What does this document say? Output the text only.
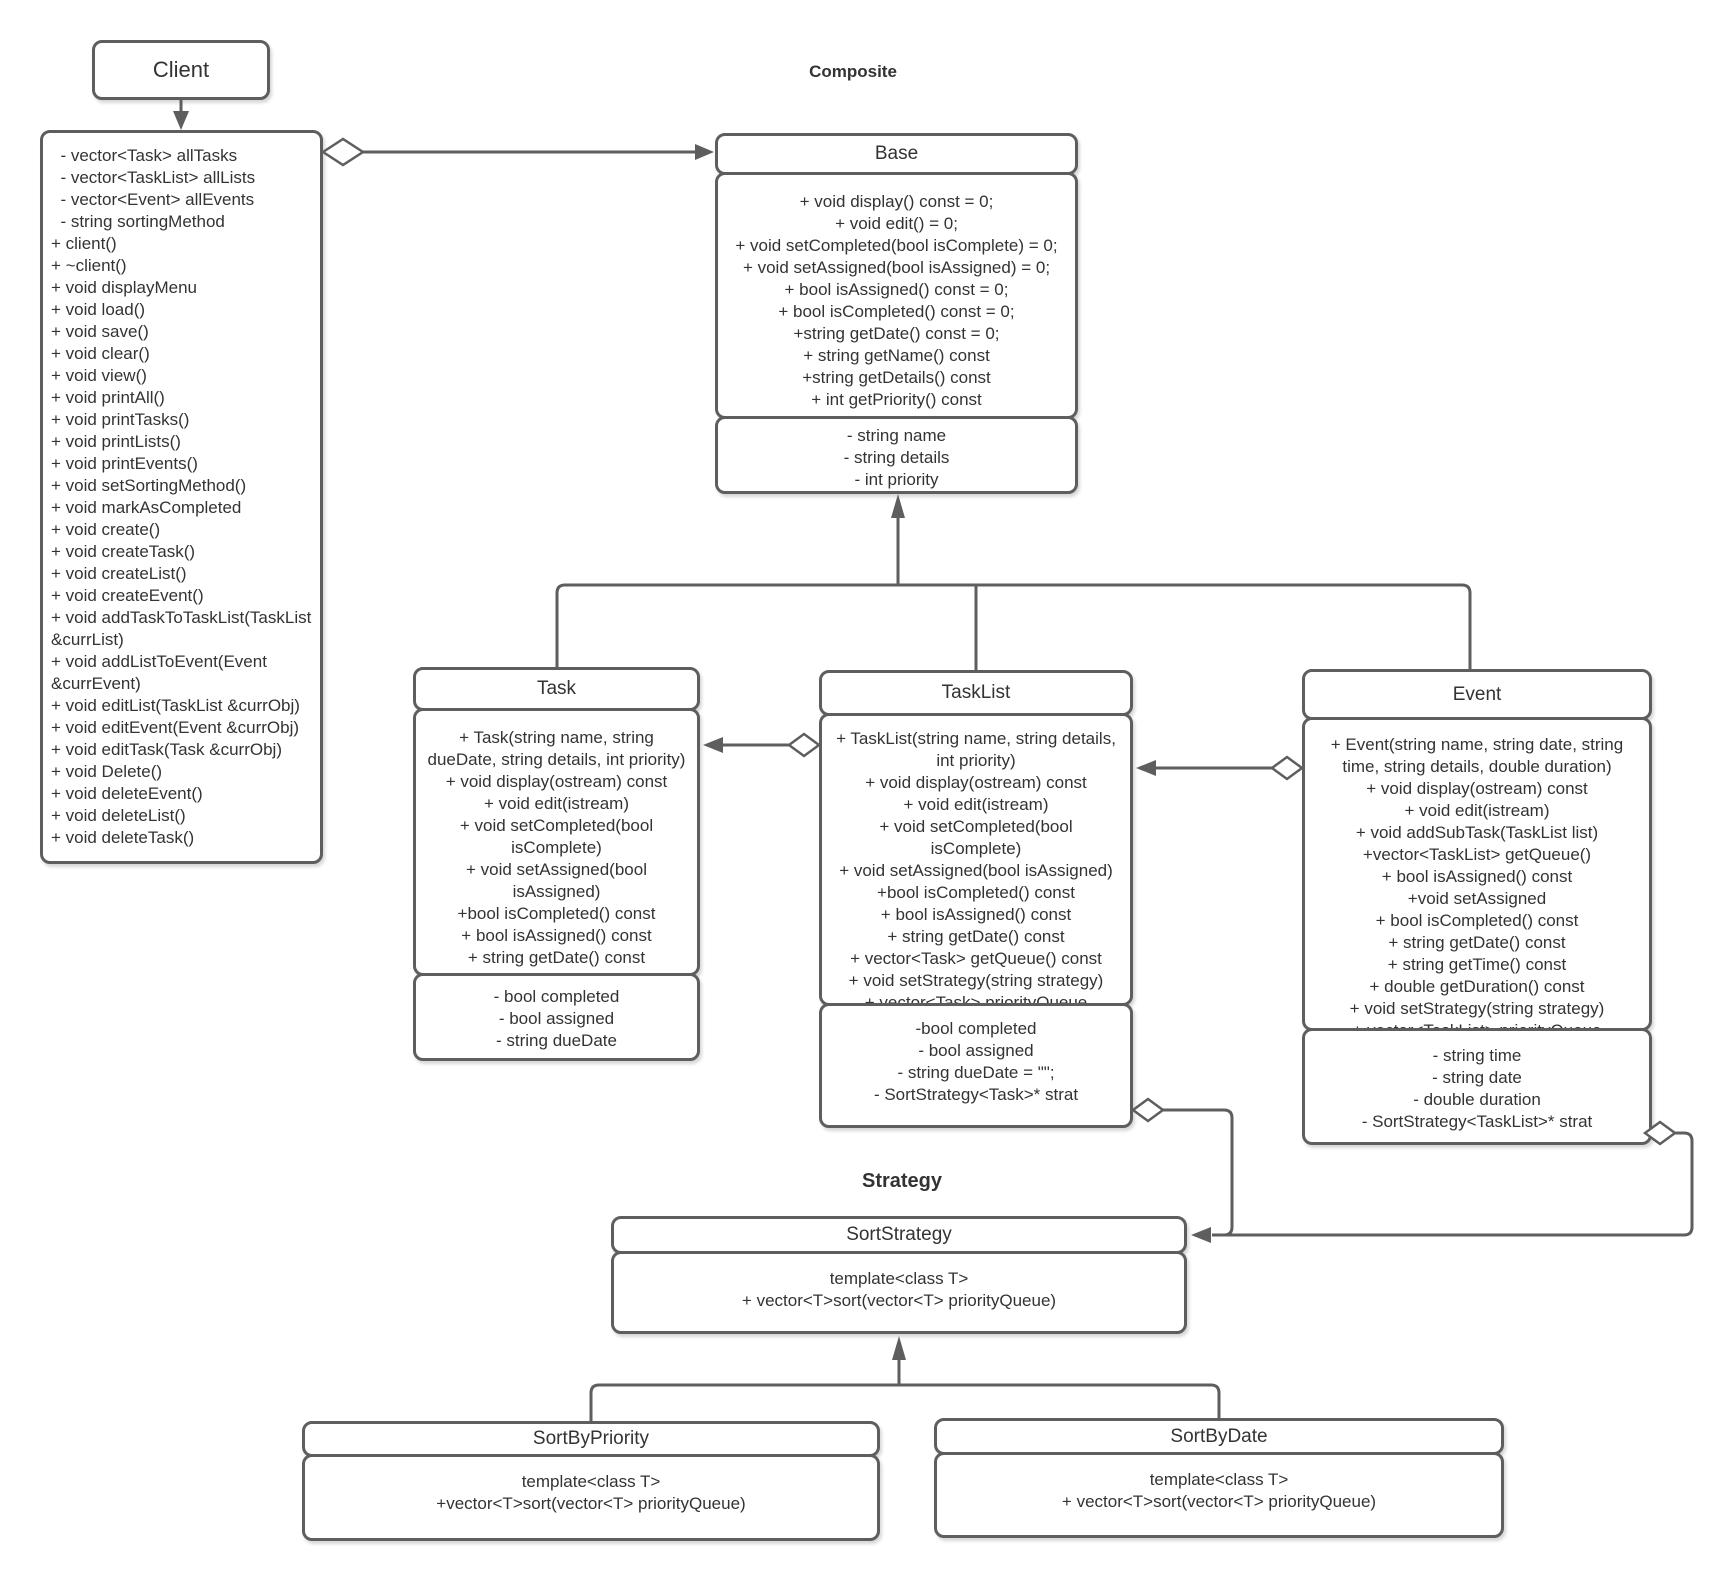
Composite
Strategy
Client
- vector<Task> allTasks
- vector<TaskList> allLists
- vector<Event> allEvents
- string sortingMethod
+ client()
+ ~client()
+ void displayMenu
+ void load()
+ void save()
+ void clear()
+ void view()
+ void printAll()
+ void printTasks()
+ void printLists()
+ void printEvents()
+ void setSortingMethod()
+ void markAsCompleted
+ void create()
+ void createTask()
+ void createList()
+ void createEvent()
+ void addTaskToTaskList(TaskList &currList)
+ void addListToEvent(Event &currEvent)
+ void editList(TaskList &currObj)
+ void editEvent(Event &currObj)
+ void editTask(Task &currObj)
+ void Delete()
+ void deleteEvent()
+ void deleteList()
+ void deleteTask()
Base
+ void display() const = 0;
+ void edit() = 0;
+ void setCompleted(bool isComplete) = 0;
+ void setAssigned(bool isAssigned) = 0;
+ bool isAssigned() const = 0;
+ bool isCompleted() const = 0;
+string getDate() const = 0;
+ string getName() const
+string getDetails() const
+ int getPriority() const
- string name
- string details
- int priority
Task
+ Task(string name, string dueDate, string details, int priority)
+ void display(ostream) const
+ void edit(istream)
+ void setCompleted(bool isComplete)
+ void setAssigned(bool isAssigned)
+bool isCompleted() const
+ bool isAssigned() const
+ string getDate() const
- bool completed
- bool assigned
- string dueDate
TaskList
+ TaskList(string name, string details, int priority)
+ void display(ostream) const
+ void edit(istream)
+ void setCompleted(bool isComplete)
+ void setAssigned(bool isAssigned)
+bool isCompleted() const
+ bool isAssigned() const
+ string getDate() const
+ vector<Task> getQueue() const
+ void setStrategy(string strategy)
-bool completed
- bool assigned
- string dueDate = "";
- SortStrategy<Task>* strat
Event
+ Event(string name, string date, string time, string details, double duration)
+ void display(ostream) const
+ void edit(istream)
+ void addSubTask(TaskList list)
+vector<TaskList> getQueue()
+ bool isAssigned() const
+void setAssigned
+ bool isCompleted() const
+ string getDate() const
+ string getTime() const
+ double getDuration() const
+ void setStrategy(string strategy)
- string time
- string date
- double duration
- SortStrategy<TaskList>* strat
SortStrategy
template<class T>
+ vector<T>sort(vector<T> priorityQueue)
SortByPriority
template<class T>
+vector<T>sort(vector<T> priorityQueue)
SortByDate
template<class T>
+ vector<T>sort(vector<T> priorityQueue)
